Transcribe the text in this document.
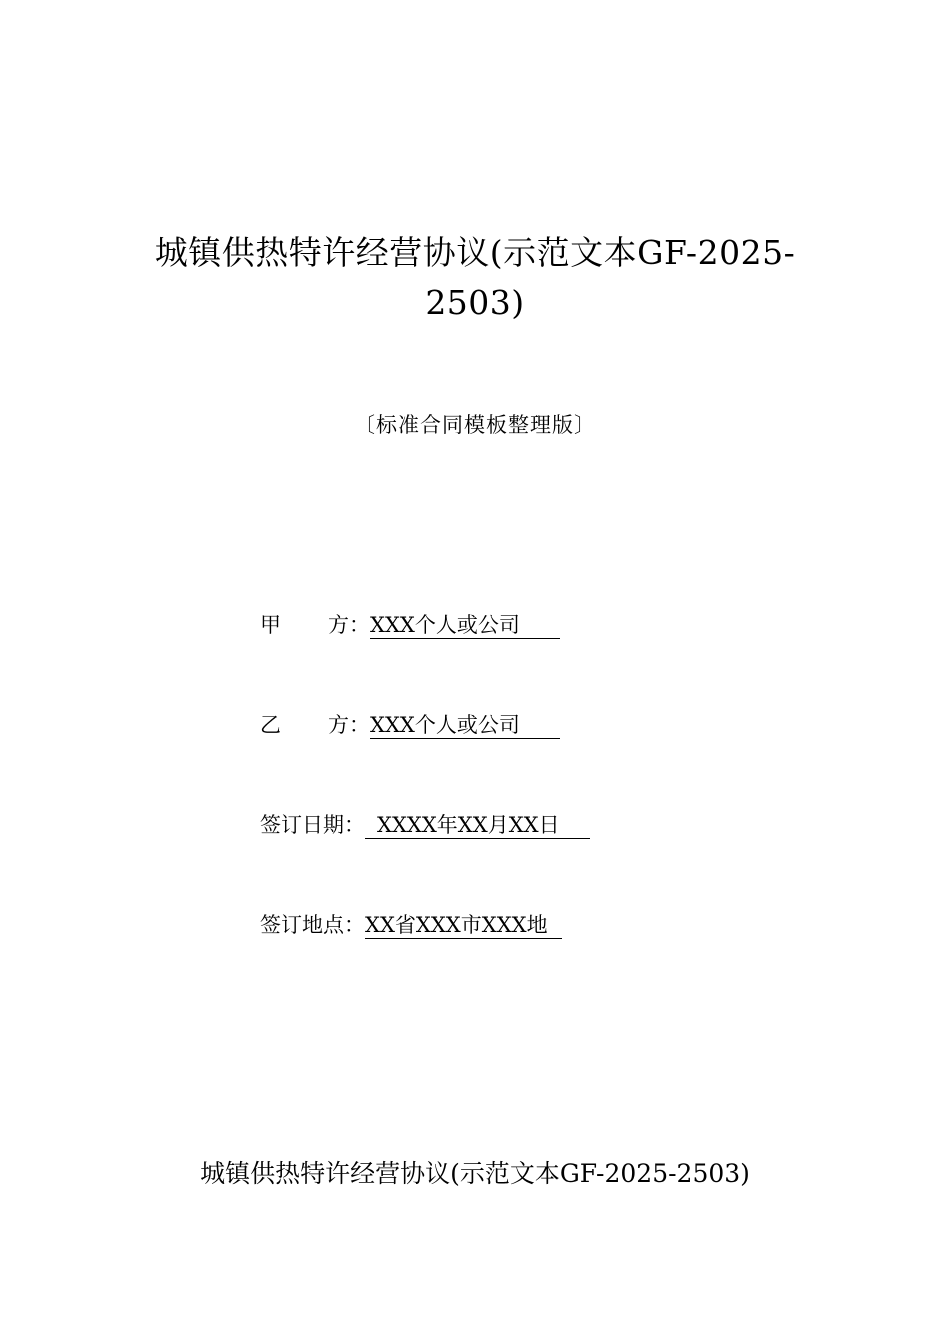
城镇供热特许经营协议(示范文本GF-2025-2503)
〔标准合同模板整理版〕
甲 方： XXX个人或公司
乙 方： XXX个人或公司
签订日期： XXXX年XX月XX日
签订地点：XX省XXX市XXX地
城镇供热特许经营协议(示范文本GF-2025-2503)
